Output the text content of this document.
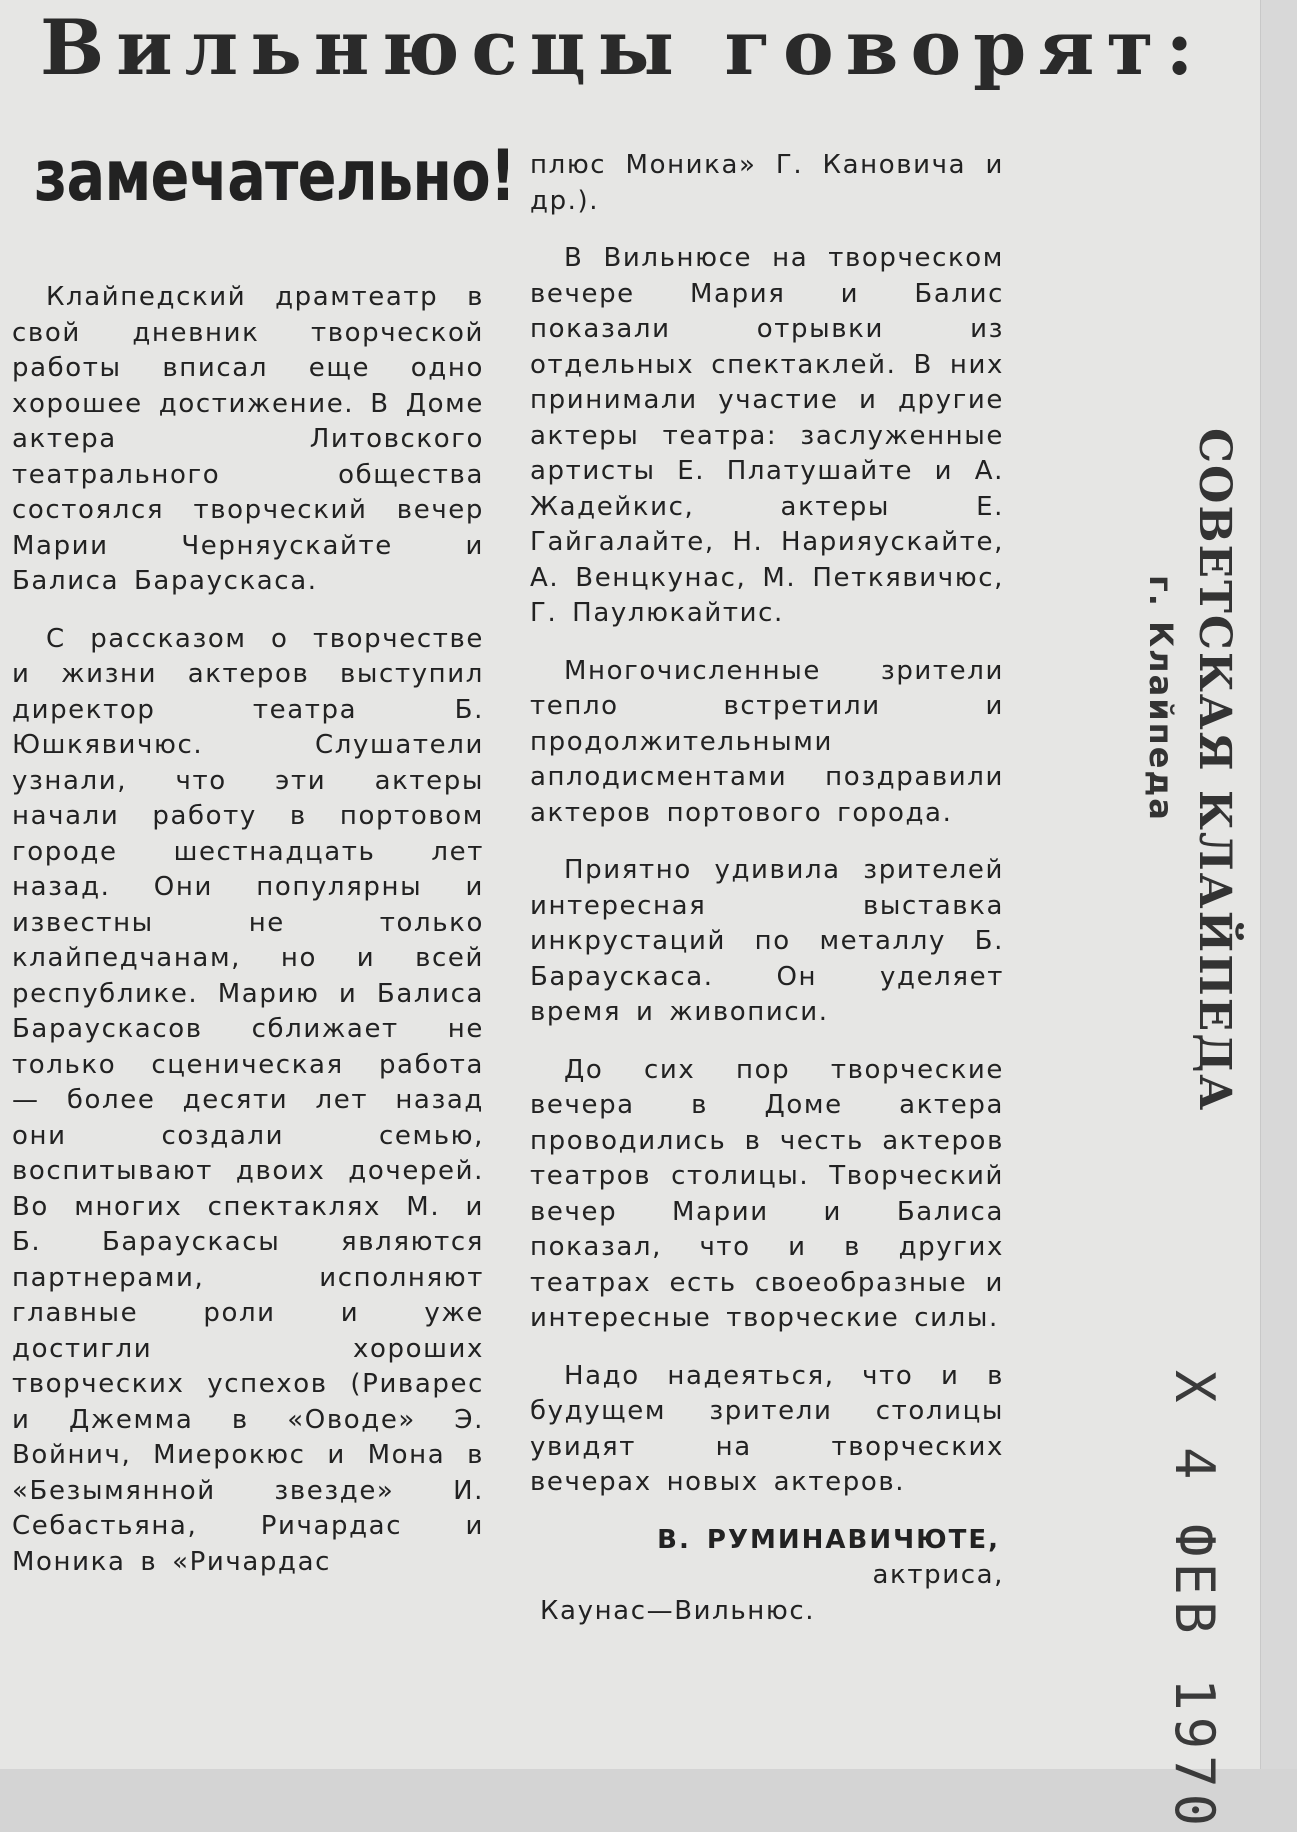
Вильнюсцы говорят:
замечательно!

Клайпедский драмтеатр в свой дневник творческой работы вписал еще одно хорошее достижение. В Доме актера Литовского театрального общества состоялся творческий вечер Марии Черняускайте и Балиса Бараускаса.

С рассказом о творчестве и жизни актеров выступил директор театра Б. Юшкявичюс. Слушатели узнали, что эти актеры начали работу в портовом городе шестнадцать лет назад. Они популярны и известны не только клайпедчанам, но и всей республике. Марию и Балиса Бараускасов сближает не только сценическая работа — более десяти лет назад они создали семью, воспитывают двоих дочерей. Во многих спектаклях М. и Б. Бараускасы являются партнерами, исполняют главные роли и уже достигли хороших творческих успехов (Риварес и Джемма в «Оводе» Э. Войнич, Миерокюс и Мона в «Безымянной звезде» И. Себастьяна, Ричардас и Моника в «Ричардас

плюс Моника» Г. Кановича и др.).

В Вильнюсе на творческом вечере Мария и Балис показали отрывки из отдельных спектаклей. В них принимали участие и другие актеры театра: заслуженные артисты Е. Платушайте и А. Жадейкис, актеры Е. Гайгалайте, Н. Нарияускайте, А. Венцкунас, М. Петкявичюс, Г. Паулюкайтис.

Многочисленные зрители тепло встретили и продолжительными аплодисментами поздравили актеров портового города.

Приятно удивила зрителей интересная выставка инкрустаций по металлу Б. Бараускаса. Он уделяет время и живописи.

До сих пор творческие вечера в Доме актера проводились в честь актеров театров столицы. Творческий вечер Марии и Балиса показал, что и в других театрах есть своеобразные и интересные творческие силы.

Надо надеяться, что и в будущем зрители столицы увидят на творческих вечерах новых актеров.

В. РУМИНАВИЧЮТЕ,

актриса,

Каунас—Вильнюс.

СОВЕТСКАЯ КЛАЙПЕДА
г. Клайпеда
Х 4 ФЕВ 1970
